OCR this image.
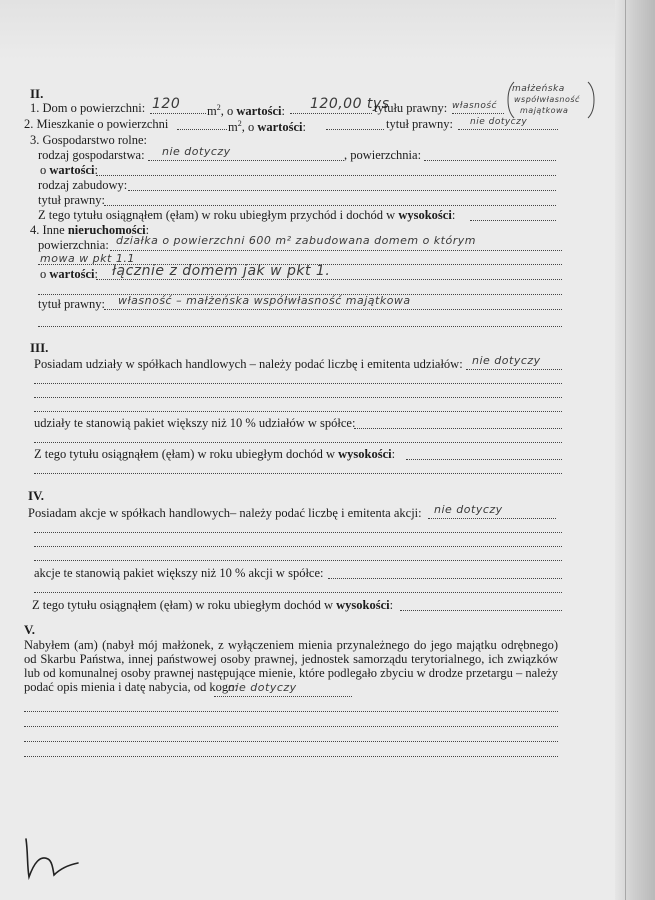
II.
1. Dom o powierzchni: 120 $m^2$, o wartości: 120,00 tys
tytułu prawny: własność
małżeńska
współwłasność
majątkowa
2. Mieszkanie o powierzchni	$m^2$, o wartości:	tytuł prawny: nie dotyczy
3. Gospodarstwo rolne:
rodzaj gospodarstwa: nie dotyczy	, powierzchnia:
o wartości:
rodzaj zabudowy:
tytuł prawny:
Z tego tytułu osiągnąłem (ęłam) w roku ubiegłym przychód i dochód w wysokości:
4. Inne nieruchomości:
powierzchnia: działka o powierzchni 600 m² zabudowana domem o którym
mowa w pkt 1.1
o wartości: łącznie z domem jak w pkt 1.
tytuł prawny: własność – małżeńska współwłasność majątkowa
III.
Posiadam udziały w spółkach handlowych – należy podać liczbę i emitenta udziałów: nie dotyczy
udziały te stanowią pakiet większy niż 10 % udziałów w spółce:
Z tego tytułu osiągnąłem (ęłam) w roku ubiegłym dochód w wysokości:
IV.
Posiadam akcje w spółkach handlowych– należy podać liczbę i emitenta akcji: nie dotyczy
akcje te stanowią pakiet większy niż 10 % akcji w spółce:
Z tego tytułu osiągnąłem (ęłam) w roku ubiegłym dochód w wysokości:
V.
Nabyłem (am) (nabył mój małżonek, z wyłączeniem mienia przynależnego do jego majątku odrębnego) od Skarbu Państwa, innej państwowej osoby prawnej, jednostek samorządu terytorialnego, ich związków lub od komunalnej osoby prawnej następujące mienie, które podlegało zbyciu w drodze przetargu – należy podać opis mienia i datę nabycia, od kogo:
nie dotyczy
